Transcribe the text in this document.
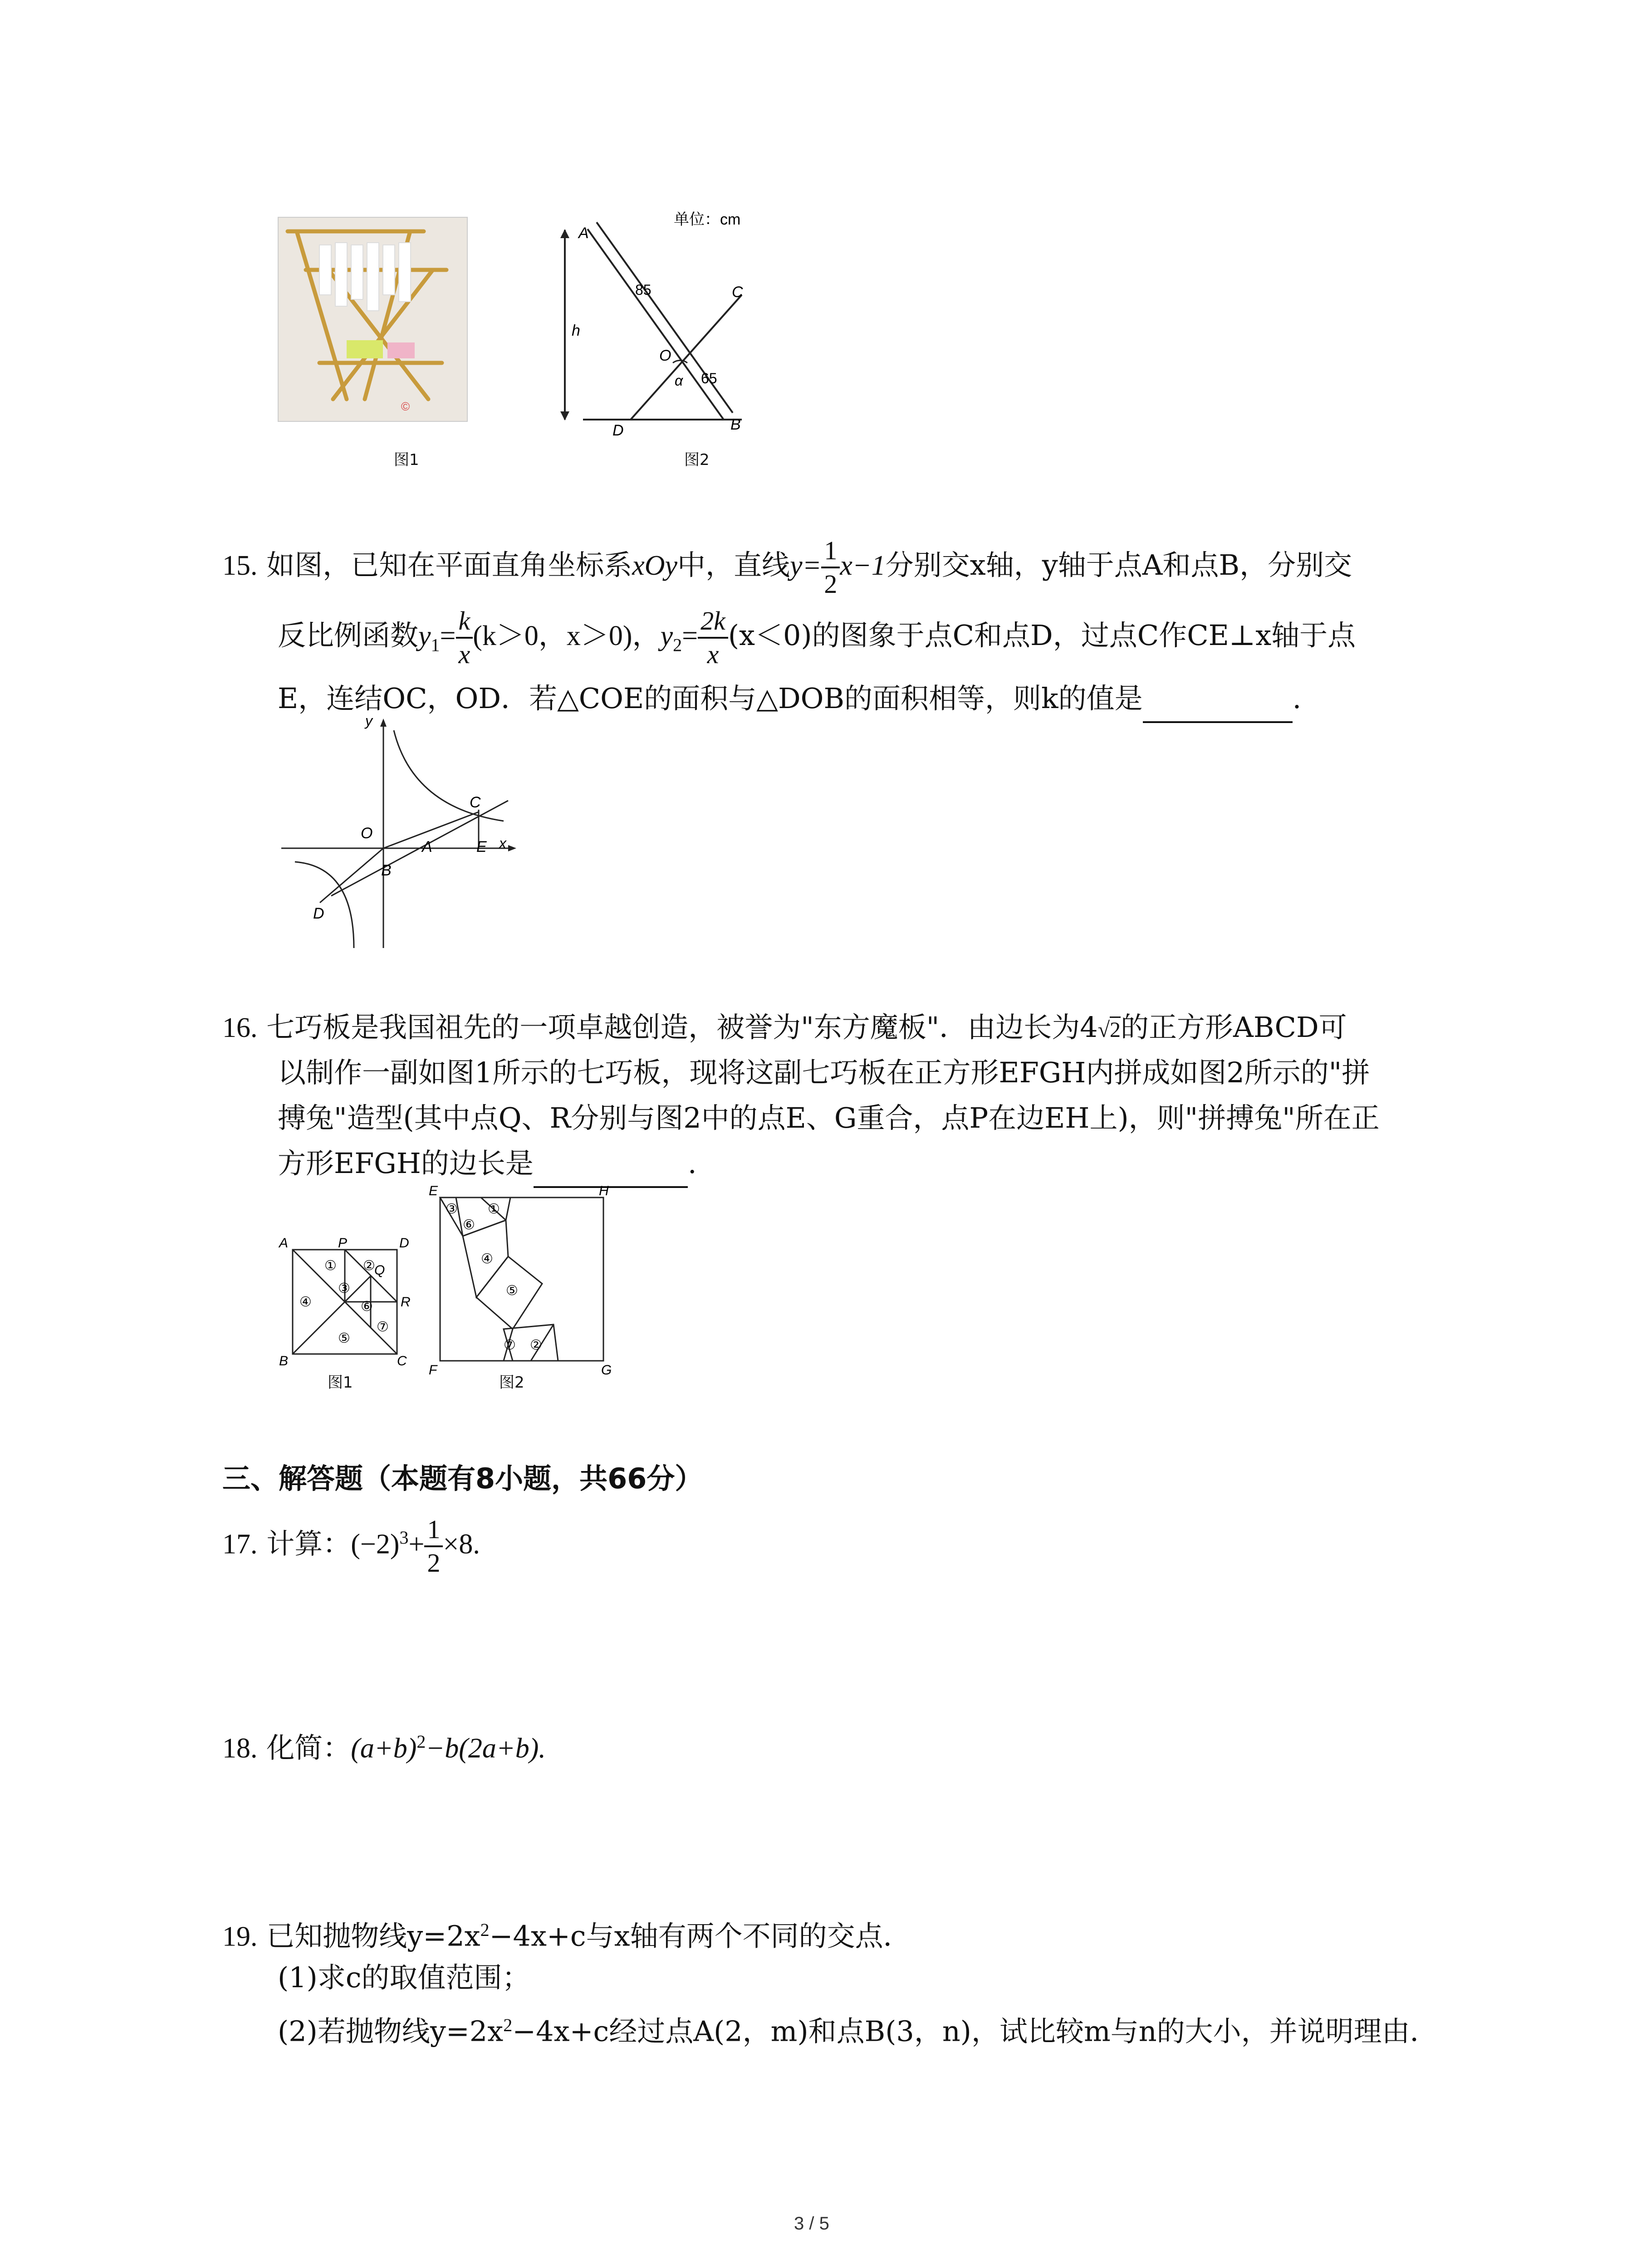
©
图1
单位：cm
A
B
C
D
O
h
α
85
65
图2
15. 如图，已知在平面直角坐标系xOy中，直线$y= \frac{1}{2} x-1$分别交x轴，y轴于点A和点B，分别交
反比例函数$y_1= \frac{k}{x} (k>0$，x＞0)，$y_2= \frac{2k}{x} (x<0)$的图象于点C和点D，过点C作CE⊥x轴于点
E，连结OC，OD．若△COE的面积与△DOB的面积相等，则k的值是	.
y
x
O
C
A	E
B
D
16. 七巧板是我国祖先的一项卓越创造，被誉为"东方魔板"．由边长为4√2的正方形ABCD可
以制作一副如图1所示的七巧板，现将这副七巧板在正方形EFGH内拼成如图2所示的"拼
搏兔"造型(其中点Q、R分别与图2中的点E、G重合，点P在边EH上)，则"拼搏兔"所在正
方形EFGH的边长是	.
A	P	D
Q
R
B	C
① ②
③
④
⑤
⑥
⑦
图1
E	H
F	G
①
②
③
④
⑤
⑥
⑦
图2
三、解答题（本题有8小题，共66分）
17. 计算：$(-2)^3+ \frac{1}{2} \times 8$.
18. 化简：$(a+b)^2-b(2a+b)$.
19. 已知抛物线$y=2x^2-4x+c$与x轴有两个不同的交点．
(1)求c的取值范围；
(2)若抛物线$y=2x^2-4x+c$经过点A(2，m)和点B(3，n)，试比较m与n的大小，并说明理由．
3 / 5
